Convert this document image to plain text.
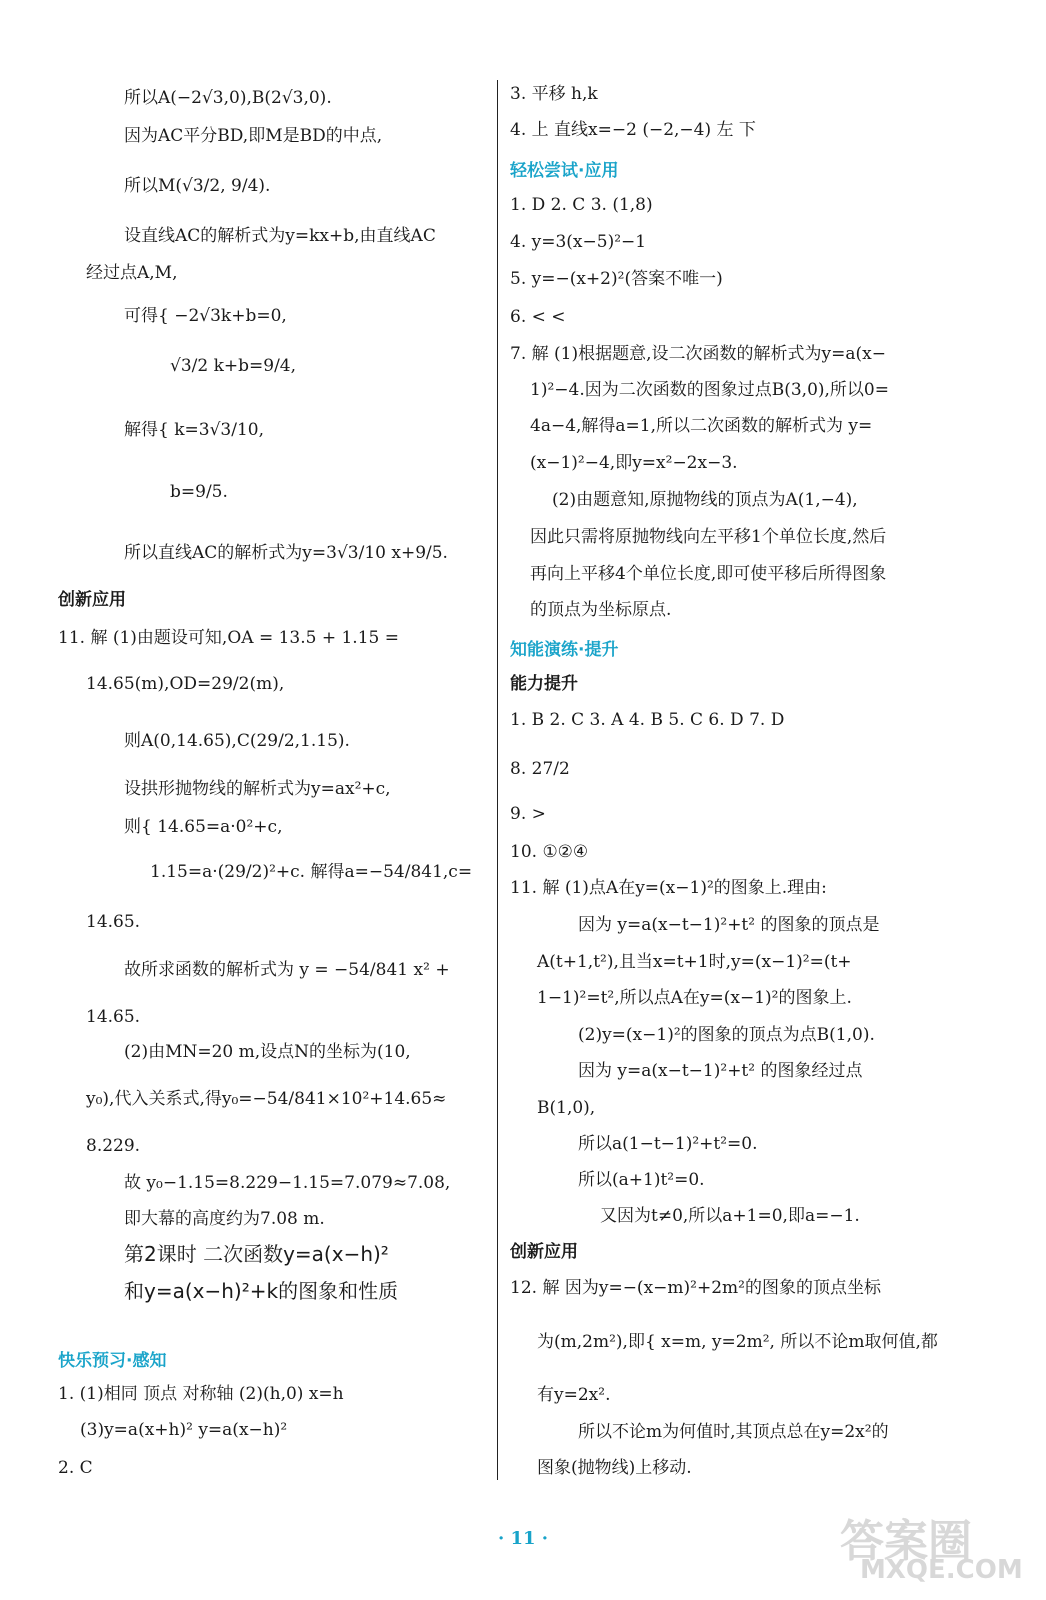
所以A(−2√3,0),B(2√3,0).
因为AC平分BD,即M是BD的中点,
所以M(√3/2, 9/4).
设直线AC的解析式为y=kx+b,由直线AC
经过点A,M,
可得{ −2√3k+b=0,
√3/2 k+b=9/4,
解得{ k=3√3/10,
b=9/5.
所以直线AC的解析式为y=3√3/10 x+9/5.
创新应用
11. 解 (1)由题设可知,OA = 13.5 + 1.15 =
14.65(m),OD=29/2(m),
则A(0,14.65),C(29/2,1.15).
设拱形抛物线的解析式为y=ax²+c,
则{ 14.65=a·0²+c,
1.15=a·(29/2)²+c. 解得a=−54/841,c=
14.65.
故所求函数的解析式为 y = −54/841 x² +
14.65.
(2)由MN=20 m,设点N的坐标为(10,
y₀),代入关系式,得y₀=−54/841×10²+14.65≈
8.229.
故 y₀−1.15=8.229−1.15=7.079≈7.08,
即大幕的高度约为7.08 m.
第2课时 二次函数y=a(x−h)²
和y=a(x−h)²+k的图象和性质
快乐预习·感知
1. (1)相同 顶点 对称轴 (2)(h,0) x=h
(3)y=a(x+h)² y=a(x−h)²
2. C
3. 平移 h,k
4. 上 直线x=−2 (−2,−4) 左 下
轻松尝试·应用
1. D 2. C 3. (1,8)
4. y=3(x−5)²−1
5. y=−(x+2)²(答案不唯一)
6. < <
7. 解 (1)根据题意,设二次函数的解析式为y=a(x−
1)²−4.因为二次函数的图象过点B(3,0),所以0=
4a−4,解得a=1,所以二次函数的解析式为 y=
(x−1)²−4,即y=x²−2x−3.
(2)由题意知,原抛物线的顶点为A(1,−4),
因此只需将原抛物线向左平移1个单位长度,然后
再向上平移4个单位长度,即可使平移后所得图象
的顶点为坐标原点.
知能演练·提升
能力提升
1. B 2. C 3. A 4. B 5. C 6. D 7. D
8. 27/2
9. >
10. ①②④
11. 解 (1)点A在y=(x−1)²的图象上.理由:
因为 y=a(x−t−1)²+t² 的图象的顶点是
A(t+1,t²),且当x=t+1时,y=(x−1)²=(t+
1−1)²=t²,所以点A在y=(x−1)²的图象上.
(2)y=(x−1)²的图象的顶点为点B(1,0).
因为 y=a(x−t−1)²+t² 的图象经过点
B(1,0),
所以a(1−t−1)²+t²=0.
所以(a+1)t²=0.
又因为t≠0,所以a+1=0,即a=−1.
创新应用
12. 解 因为y=−(x−m)²+2m²的图象的顶点坐标
为(m,2m²),即{ x=m, y=2m², 所以不论m取何值,都
有y=2x².
所以不论m为何值时,其顶点总在y=2x²的
图象(抛物线)上移动.
· 11 ·	答案圈
MXQE.COM
